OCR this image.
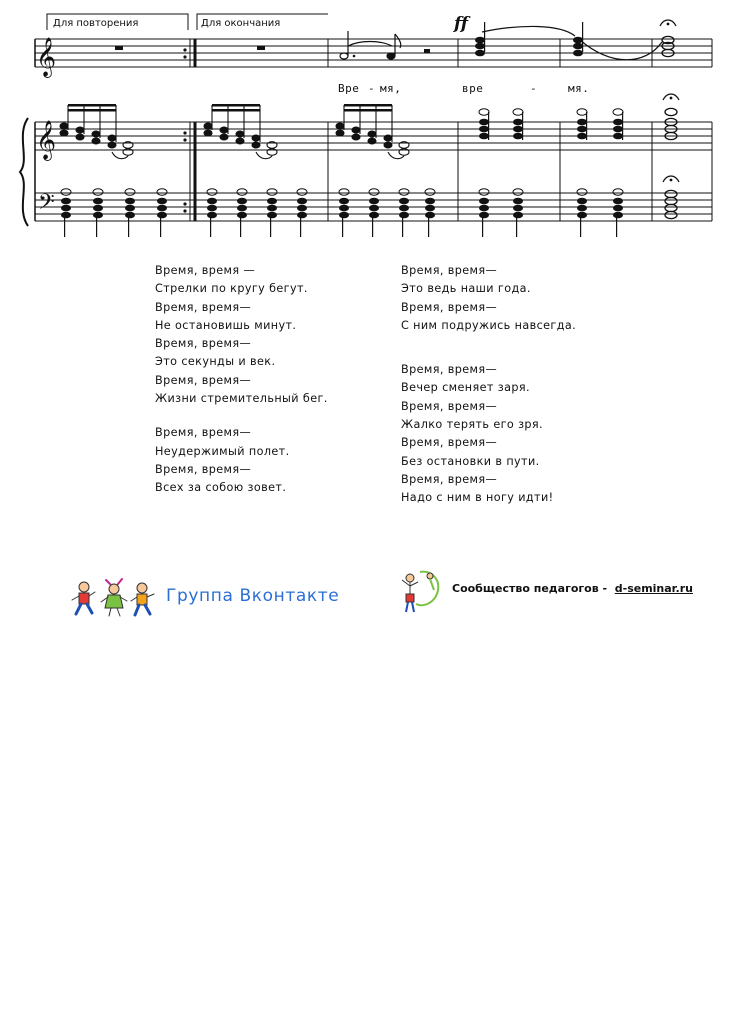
𝄞
𝄞
𝄢
Для повторения	Для окончания	ff
Вре - мя,	вре	-	мя.
Время, время —
Стрелки по кругу бегут.
Время, время—
Не остановишь минут.
Время, время—
Это секунды и век.
Время, время—
Жизни стремительный бег.
Время, время—
Неудержимый полет.
Время, время—
Всех за собою зовет.
Время, время—
Это ведь наши года.
Время, время—
С ним подружись навсегда.
Время, время—
Вечер сменяет заря.
Время, время—
Жалко терять его зря.
Время, время—
Без остановки в пути.
Время, время—
Надо с ним в ногу идти!
Группа Вконтакте	Сообщество педагогов - d-seminar.ru
